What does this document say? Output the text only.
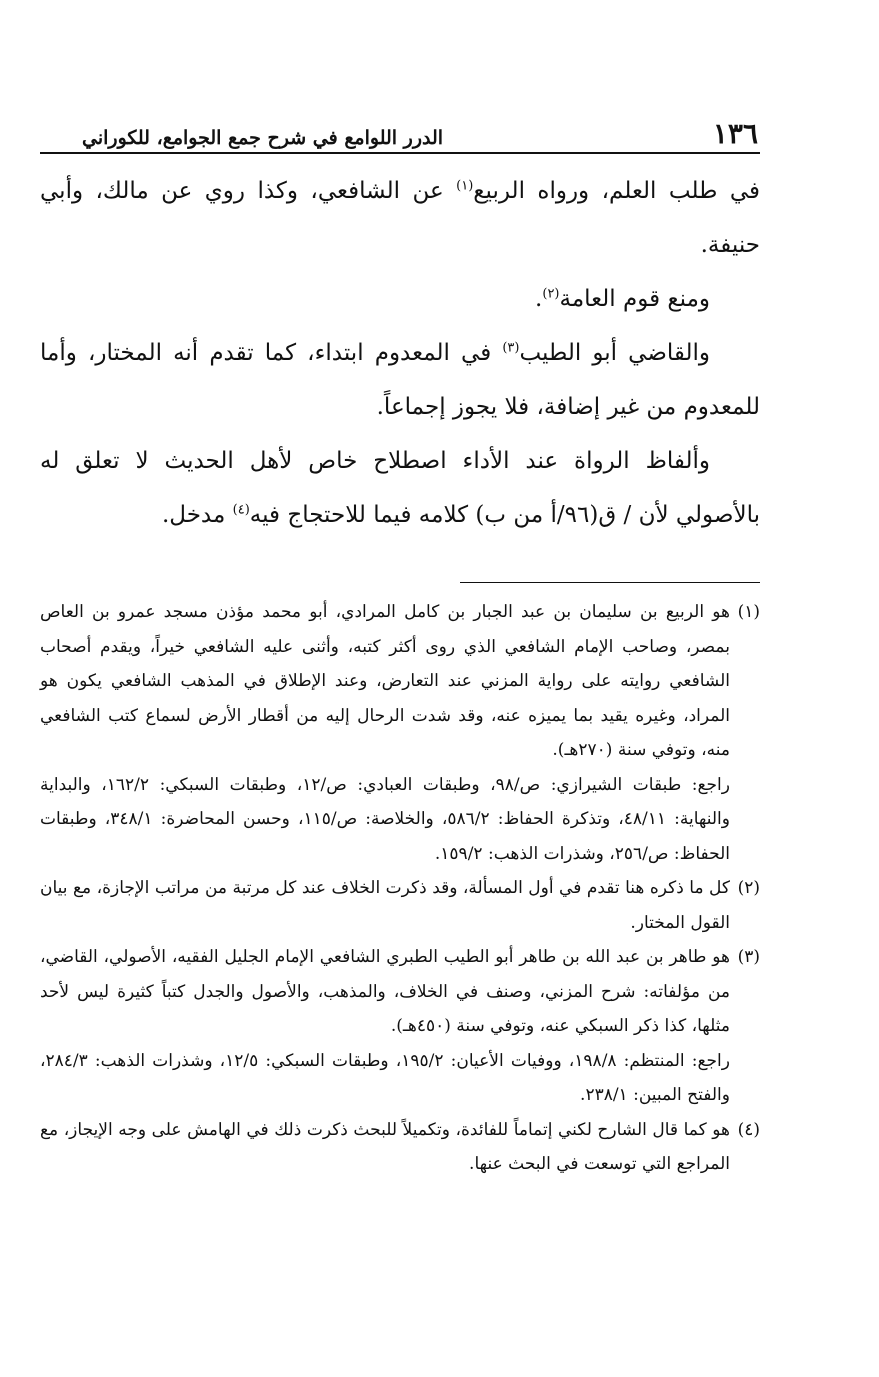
١٣٦
الدرر اللوامع في شرح جمع الجوامع، للكوراني

في طلب العلم، ورواه الربيع$^{(١)}$ عن الشافعي، وكذا روي عن مالك، وأبي حنيفة.

ومنع قوم العامة$^{(٢)}$.

والقاضي أبو الطيب$^{(٣)}$ في المعدوم ابتداء، كما تقدم أنه المختار، وأما للمعدوم من غير إضافة، فلا يجوز إجماعاً.

وألفاظ الرواة عند الأداء اصطلاح خاص لأهل الحديث لا تعلق له بالأصولي لأن / ق(٩٦/أ من ب) كلامه فيما للاحتجاج فيه$^{(٤)}$ مدخل.

(١)

هو الربيع بن سليمان بن عبد الجبار بن كامل المرادي، أبو محمد مؤذن مسجد عمرو بن العاص بمصر، وصاحب الإمام الشافعي الذي روى أكثر كتبه، وأثنى عليه الشافعي خيراً، ويقدم أصحاب الشافعي روايته على رواية المزني عند التعارض، وعند الإطلاق في المذهب الشافعي يكون هو المراد، وغيره يقيد بما يميزه عنه، وقد شدت الرحال إليه من أقطار الأرض لسماع كتب الشافعي منه، وتوفي سنة (٢٧٠هـ).

راجع: طبقات الشيرازي: ص/٩٨، وطبقات العبادي: ص/١٢، وطبقات السبكي: ١٦٢/٢، والبداية والنهاية: ٤٨/١١، وتذكرة الحفاظ: ٥٨٦/٢، والخلاصة: ص/١١٥، وحسن المحاضرة: ٣٤٨/١، وطبقات الحفاظ: ص/٢٥٦، وشذرات الذهب: ١٥٩/٢.

(٢)

كل ما ذكره هنا تقدم في أول المسألة، وقد ذكرت الخلاف عند كل مرتبة من مراتب الإجازة، مع بيان القول المختار.

(٣)

هو طاهر بن عبد الله بن طاهر أبو الطيب الطبري الشافعي الإمام الجليل الفقيه، الأصولي، القاضي، من مؤلفاته: شرح المزني، وصنف في الخلاف، والمذهب، والأصول والجدل كتباً كثيرة ليس لأحد مثلها، كذا ذكر السبكي عنه، وتوفي سنة (٤٥٠هـ).

راجع: المنتظم: ١٩٨/٨، ووفيات الأعيان: ١٩٥/٢، وطبقات السبكي: ١٢/٥، وشذرات الذهب: ٢٨٤/٣، والفتح المبين: ٢٣٨/١.

(٤)

هو كما قال الشارح لكني إتماماً للفائدة، وتكميلاً للبحث ذكرت ذلك في الهامش على وجه الإيجاز، مع المراجع التي توسعت في البحث عنها.
